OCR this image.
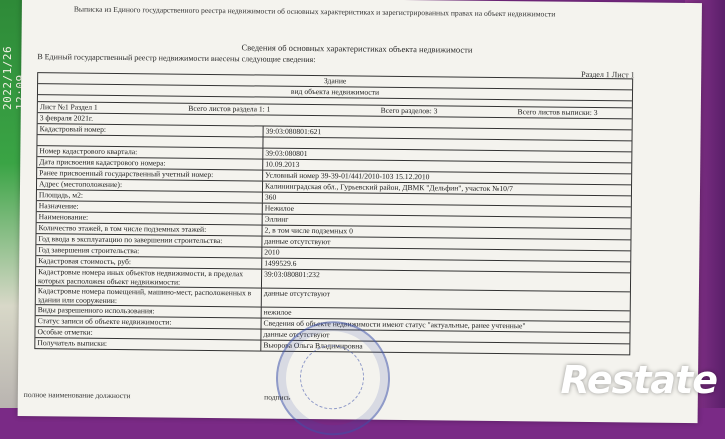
2022/1/26
Выписка из Единого государственного реестра недвижимости об основных характеристиках и зарегистрированных правах на объект недвижимости
Сведения об основных характеристиках объекта недвижимости
В Единый государственный реестр недвижимости внесены следующие сведения:
Раздел 1 Лист 1
Здание
вид объекта недвижимости
Лист №1 Раздел 1	Всего листов раздела 1: 1	Всего разделов: 3	Всего листов выписки: 3
3 февраля 2021г.
Кадастровый номер:	39:03:080801:621
Номер кадастрового квартала:	39:03:080801
Дата присвоения кадастрового номера:	10.09.2013
Ранее присвоенный государственный учетный номер:	Условный номер 39-39-01/441/2010-103 15.12.2010
Адрес (местоположение):	Калининградская обл., Гурьевский район, ДВМК "Дельфин", участок №10/7
Площадь, м2:	360
Назначение:	Нежилое
Наименование:	Эллинг
Количество этажей, в том числе подземных этажей:	2, в том числе подземных 0
Год ввода в эксплуатацию по завершении строительства:	данные отсутствуют
Год завершения строительства:	2010
Кадастровая стоимость, руб:	1499529.6
Кадастровые номера иных объектов недвижимости, в пределах которых расположен объект недвижимости:
39:03:080801:232
Кадастровые номера помещений, машино-мест, расположенных в здании или сооружении:
данные отсутствуют
Виды разрешенного использования:	нежилое
Статус записи об объекте недвижимости:	Сведения об объекте недвижимости имеют статус "актуальные, ранее учтенные"
Особые отметки:	данные отсутствуют
Получатель выписки:	Вьюрова Ольга Владимировна
полное наименование должности	подпись	Restate
